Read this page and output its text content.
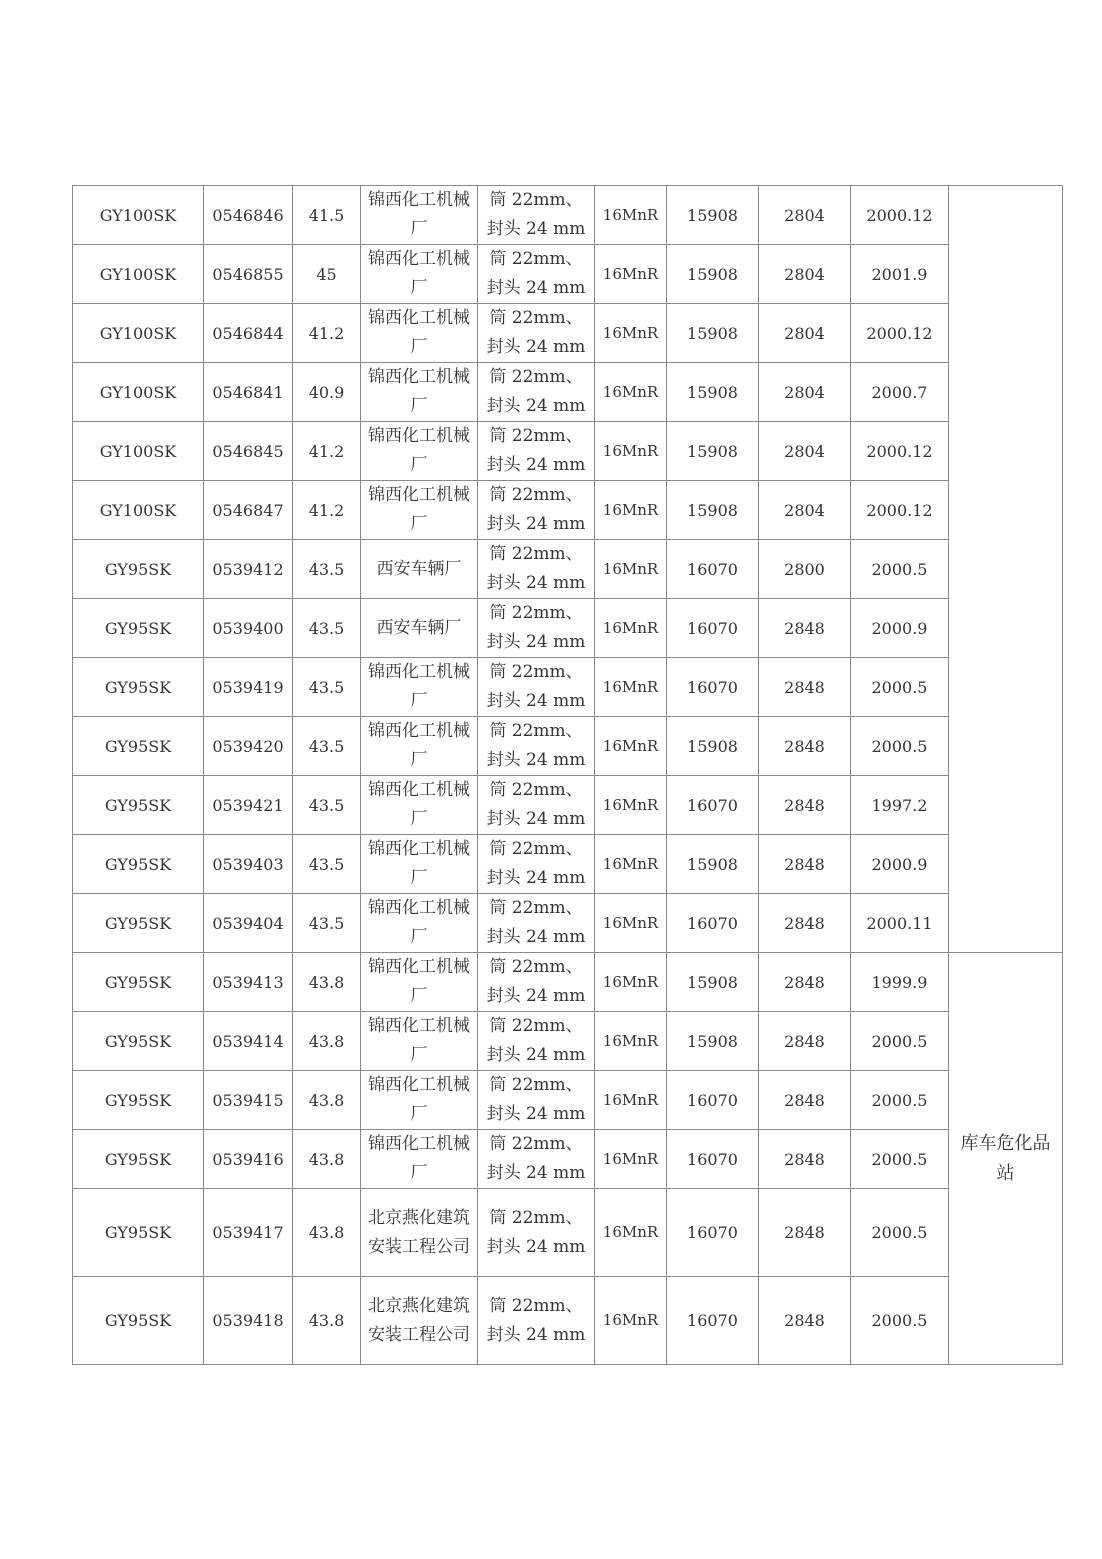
GY100SK	0546846	41.5	锦西化工机械厂	筒 22mm、封头 24 mm	16MnR	15908	2804	2000.12	
GY100SK	0546855	45	锦西化工机械厂	筒 22mm、封头 24 mm	16MnR	15908	2804	2001.9	
GY100SK	0546844	41.2	锦西化工机械厂	筒 22mm、封头 24 mm	16MnR	15908	2804	2000.12	
GY100SK	0546841	40.9	锦西化工机械厂	筒 22mm、封头 24 mm	16MnR	15908	2804	2000.7	
GY100SK	0546845	41.2	锦西化工机械厂	筒 22mm、封头 24 mm	16MnR	15908	2804	2000.12	
GY100SK	0546847	41.2	锦西化工机械厂	筒 22mm、封头 24 mm	16MnR	15908	2804	2000.12	
GY95SK	0539412	43.5	西安车辆厂	筒 22mm、封头 24 mm	16MnR	16070	2800	2000.5	
GY95SK	0539400	43.5	西安车辆厂	筒 22mm、封头 24 mm	16MnR	16070	2848	2000.9	
GY95SK	0539419	43.5	锦西化工机械厂	筒 22mm、封头 24 mm	16MnR	16070	2848	2000.5	
GY95SK	0539420	43.5	锦西化工机械厂	筒 22mm、封头 24 mm	16MnR	15908	2848	2000.5	
GY95SK	0539421	43.5	锦西化工机械厂	筒 22mm、封头 24 mm	16MnR	16070	2848	1997.2	
GY95SK	0539403	43.5	锦西化工机械厂	筒 22mm、封头 24 mm	16MnR	15908	2848	2000.9	
GY95SK	0539404	43.5	锦西化工机械厂	筒 22mm、封头 24 mm	16MnR	16070	2848	2000.11	
GY95SK	0539413	43.8	锦西化工机械厂	筒 22mm、封头 24 mm	16MnR	15908	2848	1999.9	库车危化品站
GY95SK	0539414	43.8	锦西化工机械厂	筒 22mm、封头 24 mm	16MnR	15908	2848	2000.5	
GY95SK	0539415	43.8	锦西化工机械厂	筒 22mm、封头 24 mm	16MnR	16070	2848	2000.5	
GY95SK	0539416	43.8	锦西化工机械厂	筒 22mm、封头 24 mm	16MnR	16070	2848	2000.5	
GY95SK	0539417	43.8	北京燕化建筑安装工程公司	筒 22mm、封头 24 mm	16MnR	16070	2848	2000.5	
GY95SK	0539418	43.8	北京燕化建筑安装工程公司	筒 22mm、封头 24 mm	16MnR	16070	2848	2000.5	
